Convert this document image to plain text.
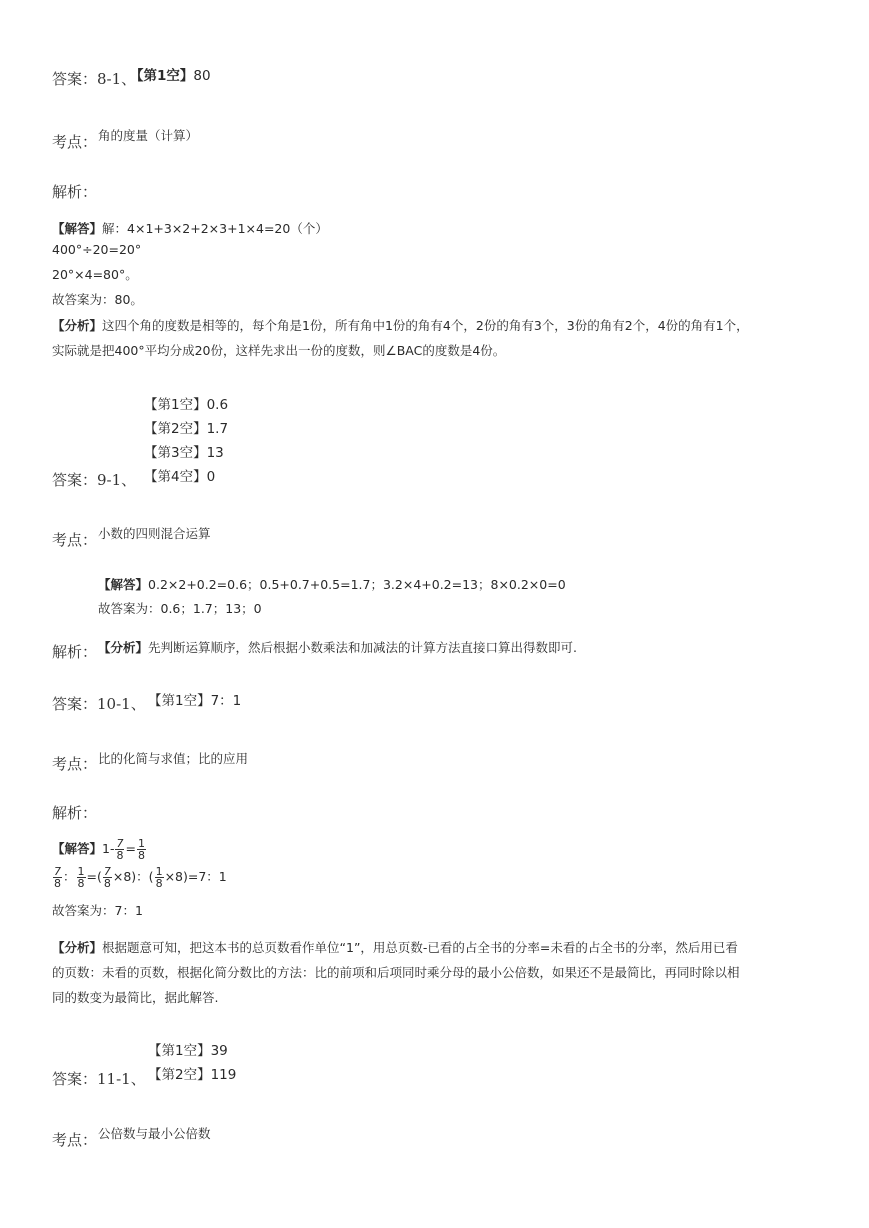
答案：8-1、
【第1空】80
考点： 角的度量（计算）
解析：
【解答】解：4×1+3×2+2×3+1×4=20（个）
400°÷20=20°
20°×4=80°。
故答案为：80。
【分析】这四个角的度数是相等的，每个角是1份，所有角中1份的角有4个，2份的角有3个，3份的角有2个，4份的角有1个，
实际就是把400°平均分成20份，这样先求出一份的度数，则∠BAC的度数是4份。
【第1空】0.6
【第2空】1.7
【第3空】13
【第4空】0
答案：9-1、
考点： 小数的四则混合运算
【解答】0.2×2+0.2=0.6；0.5+0.7+0.5=1.7；3.2×4+0.2=13；8×0.2×0=0
故答案为：0.6；1.7；13；0
解析： 【分析】先判断运算顺序，然后根据小数乘法和加减法的计算方法直接口算出得数即可.
答案：10-1、 【第1空】7：1
考点： 比的化简与求值；比的应用
解析：
【解答】$1- \frac{7}{8} = \frac{1}{8}$
$\frac{7}{8}$ ： $\frac{1}{8}$ =( $\frac{7}{8} \times 8$)：( $\frac{1}{8} \times 8)=7$：1
故答案为：7：1
【分析】根据题意可知，把这本书的总页数看作单位“1”，用总页数-已看的占全书的分率=未看的占全书的分率，然后用已看
的页数：未看的页数，根据化简分数比的方法：比的前项和后项同时乘分母的最小公倍数，如果还不是最简比，再同时除以相
同的数变为最简比，据此解答.
【第1空】39
【第2空】119
答案：11-1、
考点： 公倍数与最小公倍数
